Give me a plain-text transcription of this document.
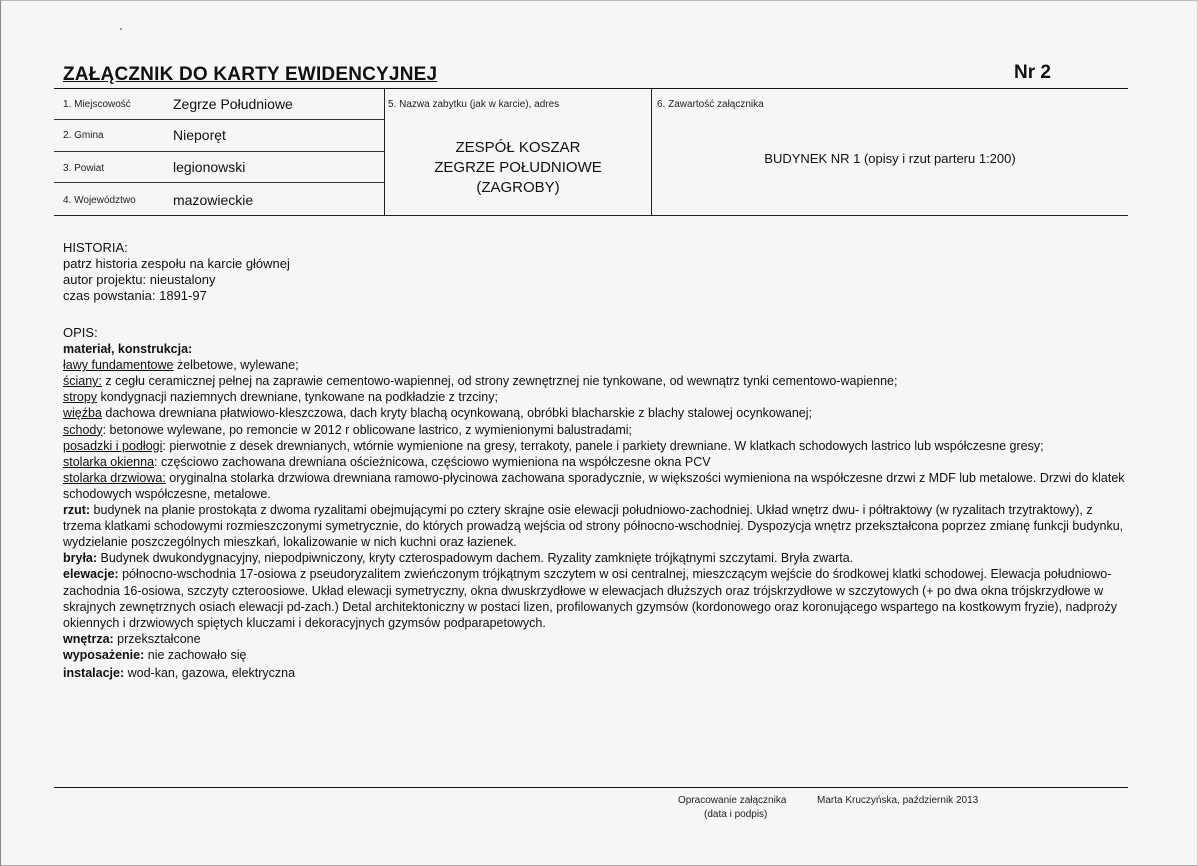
ZAŁĄCZNIK DO KARTY EWIDENCYJNEJ	Nr 2
1. Miejscowość	Zegrze Południowe
2. Gmina	Nieporęt
3. Powiat	legionowski
4. Województwo	mazowieckie
5. Nazwa zabytku (jak w karcie), adres
ZESPÓŁ KOSZAR
ZEGRZE POŁUDNIOWE
(ZAGROBY)
6. Zawartość załącznika
BUDYNEK NR 1 (opisy i rzut parteru 1:200)
HISTORIA:
patrz historia zespołu na karcie głównej
autor projektu: nieustalony
czas powstania: 1891-97
OPIS:
materiał, konstrukcja:
ławy fundamentowe żelbetowe, wylewane;
ściany: z cegłu ceramicznej pełnej na zaprawie cementowo-wapiennej, od strony zewnętrznej nie tynkowane, od wewnątrz tynki cementowo-wapienne;
stropy kondygnacji naziemnych drewniane, tynkowane na podkładzie z trzciny;
więźba dachowa drewniana płatwiowo-kleszczowa, dach kryty blachą ocynkowaną, obróbki blacharskie z blachy stalowej ocynkowanej;
schody: betonowe wylewane, po remoncie w 2012 r oblicowane lastrico, z wymienionymi balustradami;
posadzki i podłogi: pierwotnie z desek drewnianych, wtórnie wymienione na gresy, terrakoty, panele i parkiety drewniane. W klatkach schodowych lastrico lub współczesne gresy;
stolarka okienna: częściowo zachowana drewniana ościeżnicowa, częściowo wymieniona na współczesne okna PCV
stolarka drzwiowa: oryginalna stolarka drzwiowa drewniana ramowo-płycinowa zachowana sporadycznie, w większości wymieniona na współczesne drzwi z MDF lub metalowe. Drzwi do klatek schodowych współczesne, metalowe.
rzut: budynek na planie prostokąta z dwoma ryzalitami obejmującymi po cztery skrajne osie elewacji południowo-zachodniej. Układ wnętrz dwu- i półtraktowy (w ryzalitach trzytraktowy), z trzema klatkami schodowymi rozmieszczonymi symetrycznie, do których prowadzą wejścia od strony północno-wschodniej. Dyspozycja wnętrz przekształcona poprzez zmianę funkcji budynku, wydzielanie poszczególnych mieszkań, lokalizowanie w nich kuchni oraz łazienek.
bryła: Budynek dwukondygnacyjny, niepodpiwniczony, kryty czterospadowym dachem. Ryzality zamknięte trójkątnymi szczytami. Bryła zwarta.
elewacje: północno-wschodnia 17-osiowa z pseudoryzalitem zwieńczonym trójkątnym szczytem w osi centralnej, mieszczącym wejście do środkowej klatki schodowej. Elewacja południowo-zachodnia 16-osiowa, szczyty czteroosiowe. Układ elewacji symetryczny, okna dwuskrzydłowe w elewacjach dłuższych oraz trójskrzydłowe w szczytowych (+ po dwa okna trójskrzydłowe w skrajnych zewnętrznych osiach elewacji pd-zach.) Detal architektoniczny w postaci lizen, profilowanych gzymsów (kordonowego oraz koronującego wspartego na kostkowym fryzie), nadproży okiennych i drzwiowych spiętych kluczami i dekoracyjnych gzymsów podparapetowych.
wnętrza: przekształcone
wyposażenie: nie zachowało się
instalacje: wod-kan, gazowa, elektryczna
Opracowanie załącznika
(data i podpis)
Marta Kruczyńska, październik 2013
